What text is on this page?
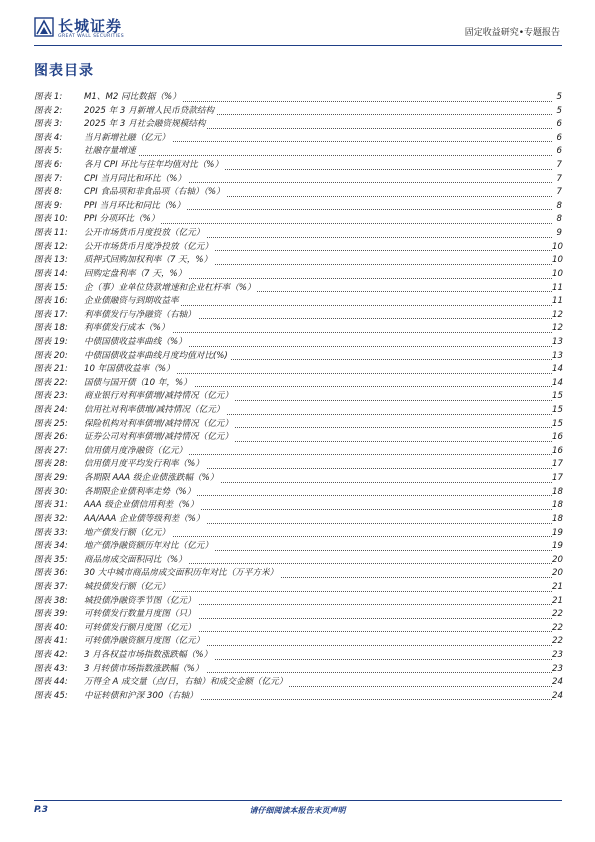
长城证券
GREAT WALL SECURITIES	固定收益研究•专题报告
图表目录
图表 1:	M1、M2 同比数据（%）	5
图表 2:	2025 年 3 月新增人民币贷款结构	5
图表 3:	2025 年 3 月社会融资规模结构	6
图表 4:	当月新增社融（亿元）	6
图表 5:	社融存量增速	6
图表 6:	各月 CPI 环比与往年均值对比（%）	7
图表 7:	CPI 当月同比和环比（%）	7
图表 8:	CPI 食品项和非食品项（右轴）（%）	7
图表 9:	PPI 当月环比和同比（%）	8
图表 10:	PPI 分项环比（%）	8
图表 11:	公开市场货币月度投放（亿元）	9
图表 12:	公开市场货币月度净投放（亿元）	10
图表 13:	质押式回购加权利率（7 天，%）	10
图表 14:	回购定盘利率（7 天，%）	10
图表 15:	企（事）业单位贷款增速和企业杠杆率（%）	11
图表 16:	企业债融资与到期收益率	11
图表 17:	利率债发行与净融资（右轴）	12
图表 18:	利率债发行成本（%）	12
图表 19:	中债国债收益率曲线（%）	13
图表 20:	中债国债收益率曲线月度均值对比(%)	13
图表 21:	10 年国债收益率（%）	14
图表 22:	国债与国开债（10 年，%）	14
图表 23:	商业银行对利率债增/减持情况（亿元）	15
图表 24:	信用社对利率债增/减持情况（亿元）	15
图表 25:	保险机构对利率债增/减持情况（亿元）	15
图表 26:	证券公司对利率债增/减持情况（亿元）	16
图表 27:	信用债月度净融资（亿元）	16
图表 28:	信用债月度平均发行利率（%）	17
图表 29:	各期限 AAA 级企业债涨跌幅（%）	17
图表 30:	各期限企业债利率走势（%）	18
图表 31:	AAA 级企业债信用利差（%）	18
图表 32:	AA/AAA 企业债等级利差（%）	18
图表 33:	地产债发行额（亿元）	19
图表 34:	地产债净融资额历年对比（亿元）	19
图表 35:	商品房成交面积同比（%）	20
图表 36:	30 大中城市商品房成交面积历年对比（万平方米）	20
图表 37:	城投债发行额（亿元）	21
图表 38:	城投债净融资季节图（亿元）	21
图表 39:	可转债发行数量月度图（只）	22
图表 40:	可转债发行额月度图（亿元）	22
图表 41:	可转债净融资额月度图（亿元）	22
图表 42:	3 月各权益市场指数涨跌幅（%）	23
图表 43:	3 月转债市场指数涨跌幅（%）	23
图表 44:	万得全 A 成交量（点/日，右轴）和成交金额（亿元）	24
图表 45:	中证转债和沪深 300（右轴）	24
P.3	请仔细阅读本报告末页声明
